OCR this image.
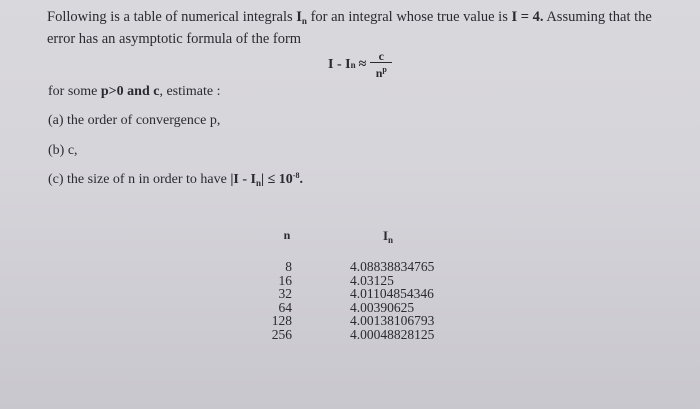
Following is a table of numerical integrals $I_n$ for an integral whose true value is I = 4. Assuming that the
error has an asymptotic formula of the form
I - I $n \approx \frac{c}{n^p}$
for some p>0 and c, estimate :
(a) the order of convergence p,
(b) c,
(c) the size of n in order to have $|I - I_n| \le 10^{-8}$.
n	$I_n$
8
16
32
64
128
256
4.08838834765
4.03125
4.01104854346
4.00390625
4.00138106793
4.00048828125
